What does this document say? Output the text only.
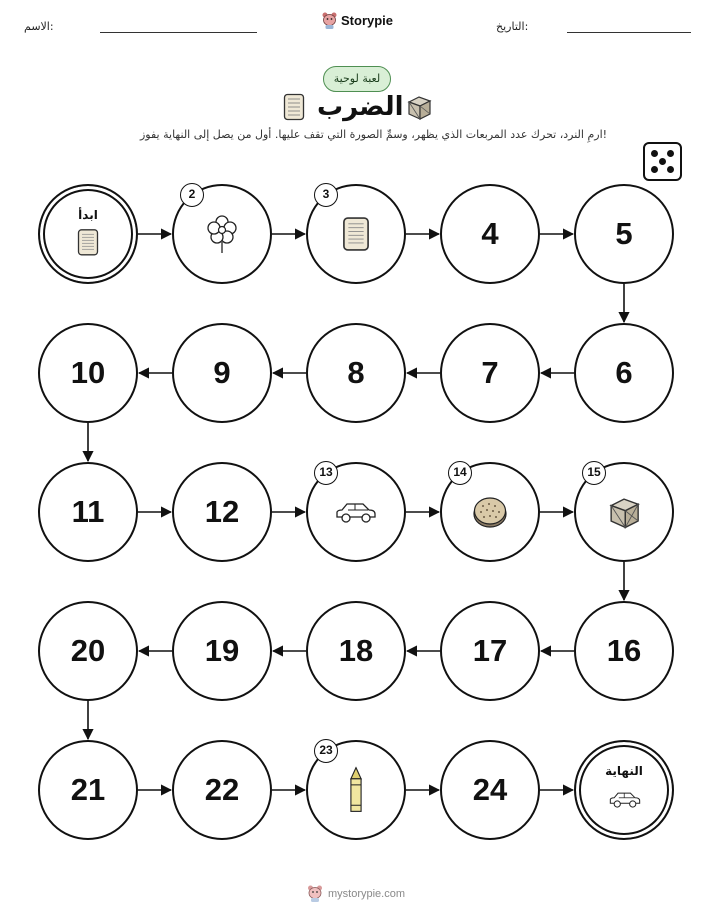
الاسم:	Storypie	التاريخ:
لعبة لوحية
الضرب
ارمِ النرد، تحرك عدد المربعات الذي يظهر، وسمِّ الصورة التي تقف عليها. أول من يصل إلى النهاية يفوز!
ابدأ
2	3
4	5
6
7
8
9
10
11	12
13	14	15
16
17
18
19
20
21	22
23
24
النهاية
mystorypie.com
